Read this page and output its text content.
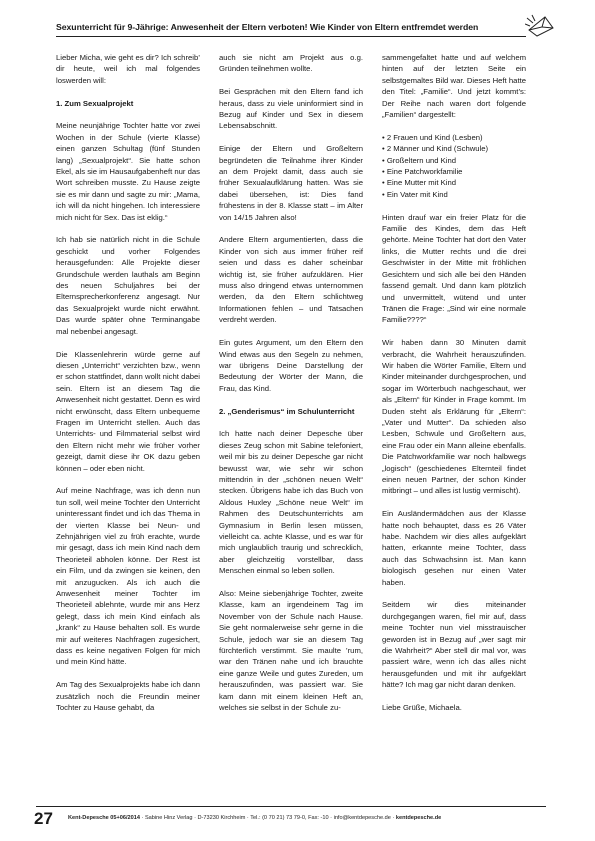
Sexunterricht für 9-Jährige: Anwesenheit der Eltern verboten! Wie Kinder von Eltern entfremdet werden

Lieber Micha, wie geht es dir? Ich schreib’ dir heute, weil ich mal folgendes loswerden will:

1. Zum Sexualprojekt

Meine neunjährige Tochter hatte vor zwei Wochen in der Schule (vierte Klasse) einen ganzen Schultag (fünf Stunden lang) „Sexualprojekt“. Sie hatte schon Ekel, als sie im Hausaufgabenheft nur das Wort schreiben musste. Zu Hause zeigte sie es mir dann und sagte zu mir: „Mama, ich will da nicht hingehen. Ich interessiere mich nicht für Sex. Das ist eklig.“

Ich hab sie natürlich nicht in die Schule geschickt und vorher Folgendes herausgefunden: Alle Projekte dieser Grundschule werden lauthals am Beginn des neuen Schuljahres bei der Elternsprecherkonferenz angesagt. Nur das Sexualprojekt wurde nicht erwähnt. Das wurde später ohne Terminangabe mal nebenbei angesagt.

Die Klassenlehrerin würde gerne auf diesen „Unterricht“ verzichten bzw., wenn er schon stattfindet, dann wollt nicht dabei sein. Eltern ist an diesem Tag die Anwesenheit nicht gestattet. Denn es wird nicht erwünscht, dass Eltern unbequeme Fragen im Unterricht stellen. Auch das Unterrichts- und Filmmaterial selbst wird den Eltern nicht mehr wie früher vorher gezeigt, damit diese ihr OK dazu geben können – oder eben nicht.

Auf meine Nachfrage, was ich denn nun tun soll, weil meine Tochter den Unterricht uninteressant findet und ich das Thema in der vierten Klasse bei Neun- und Zehnjährigen viel zu früh erachte, wurde mir gesagt, dass ich mein Kind nach dem Theorieteil abholen könne. Der Rest ist ein Film, und da zwingen sie keinen, den mit anzugucken. Als ich auch die Anwesenheit meiner Tochter im Theorieteil ablehnte, wurde mir ans Herz gelegt, dass ich mein Kind einfach als „krank“ zu Hause behalten soll. Es wurde mir auf weiteres Nachfragen zugesichert, dass es keine negativen Folgen für mich und mein Kind hätte.

Am Tag des Sexualprojekts habe ich dann zusätzlich noch die Freundin meiner Tochter zu Hause gehabt, da

auch sie nicht am Projekt aus o.g. Gründen teilnehmen wollte.

Bei Gesprächen mit den Eltern fand ich heraus, dass zu viele uninformiert sind in Bezug auf Kinder und Sex in diesem Lebensabschnitt.

Einige der Eltern und Großeltern begründeten die Teilnahme ihrer Kinder an dem Projekt damit, dass auch sie früher Sexualaufklärung hatten. Was sie dabei übersehen, ist: Dies fand frühestens in der 8. Klasse statt – im Alter von 14/15 Jahren also!

Andere Eltern argumentierten, dass die Kinder von sich aus immer früher reif seien und dass es daher scheinbar wichtig ist, sie früher aufzuklären. Hier muss also dringend etwas unternommen werden, da den Eltern schlichtweg Informationen fehlen – und Tatsachen verdreht werden.

Ein gutes Argument, um den Eltern den Wind etwas aus den Segeln zu nehmen, war übrigens Deine Darstellung der Bedeutung der Wörter der Mann, die Frau, das Kind.

2. „Genderismus“ im Schulunterricht

Ich hatte nach deiner Depesche über dieses Zeug schon mit Sabine telefoniert, weil mir bis zu deiner Depesche gar nicht bewusst war, wie sehr wir schon mittendrin in der „schönen neuen Welt“ stecken. Übrigens habe ich das Buch von Aldous Huxley „Schöne neue Welt“ im Rahmen des Deutschunterrichts am Gymnasium in Berlin lesen müssen, vielleicht ca. achte Klasse, und es war für mich unglaublich traurig und schrecklich, aber gleichzeitig vorstellbar, dass Menschen einmal so leben sollen.

Also: Meine siebenjährige Tochter, zweite Klasse, kam an irgendeinem Tag im November von der Schule nach Hause. Sie geht normalerweise sehr gerne in die Schule, jedoch war sie an diesem Tag fürchterlich verstimmt. Sie maulte ’rum, war den Tränen nahe und ich brauchte eine ganze Weile und gutes Zureden, um herauszufinden, was passiert war. Sie kam dann mit einem kleinen Heft an, welches sie selbst in der Schule zu-

sammengefaltet hatte und auf welchem hinten auf der letzten Seite ein selbstgemaltes Bild war. Dieses Heft hatte den Titel: „Familie“. Und jetzt kommt’s: Der Reihe nach waren dort folgende „Familien“ dargestellt:

• 2 Frauen und Kind (Lesben)
• 2 Männer und Kind (Schwule)
• Großeltern und Kind
• Eine Patchworkfamilie
• Eine Mutter mit Kind
• Ein Vater mit Kind

Hinten drauf war ein freier Platz für die Familie des Kindes, dem das Heft gehörte. Meine Tochter hat dort den Vater links, die Mutter rechts und die drei Geschwister in der Mitte mit fröhlichen Gesichtern und sich alle bei den Händen fassend gemalt. Und dann kam plötzlich und unvermittelt, wütend und unter Tränen die Frage: „Sind wir eine normale Familie????“

Wir haben dann 30 Minuten damit verbracht, die Wahrheit herauszufinden. Wir haben die Wörter Familie, Eltern und Kinder miteinander durchgesprochen, und sogar im Wörterbuch nachgeschaut, wer als „Eltern“ für Kinder in Frage kommt. Im Duden steht als Erklärung für „Eltern“: „Vater und Mutter“. Da schieden also Lesben, Schwule und Großeltern aus, eine Frau oder ein Mann alleine ebenfalls. Die Patchworkfamilie war noch halbwegs „logisch“ (geschiedenes Elternteil findet einen neuen Partner, der schon Kinder mitbringt – und alles ist lustig vermischt).

Ein Ausländermädchen aus der Klasse hatte noch behauptet, dass es 26 Väter habe. Nachdem wir dies alles aufgeklärt hatten, erkannte meine Tochter, dass auch das Schwachsinn ist. Man kann biologisch gesehen nur einen Vater haben.

Seitdem wir dies miteinander durchgegangen waren, fiel mir auf, dass meine Tochter nun viel misstrauischer geworden ist in Bezug auf „wer sagt mir die Wahrheit?“ Aber stell dir mal vor, was passiert wäre, wenn ich das alles nicht herausgefunden und mit ihr aufgeklärt hätte? Ich mag gar nicht daran denken.

Liebe Grüße, Michaela.

27	Kent-Depesche 05+06/2014 · Sabine Hinz Verlag · D-73230 Kirchheim · Tel.: (0 70 21) 73 79-0, Fax: -10 · info@kentdepesche.de · kentdepesche.de
